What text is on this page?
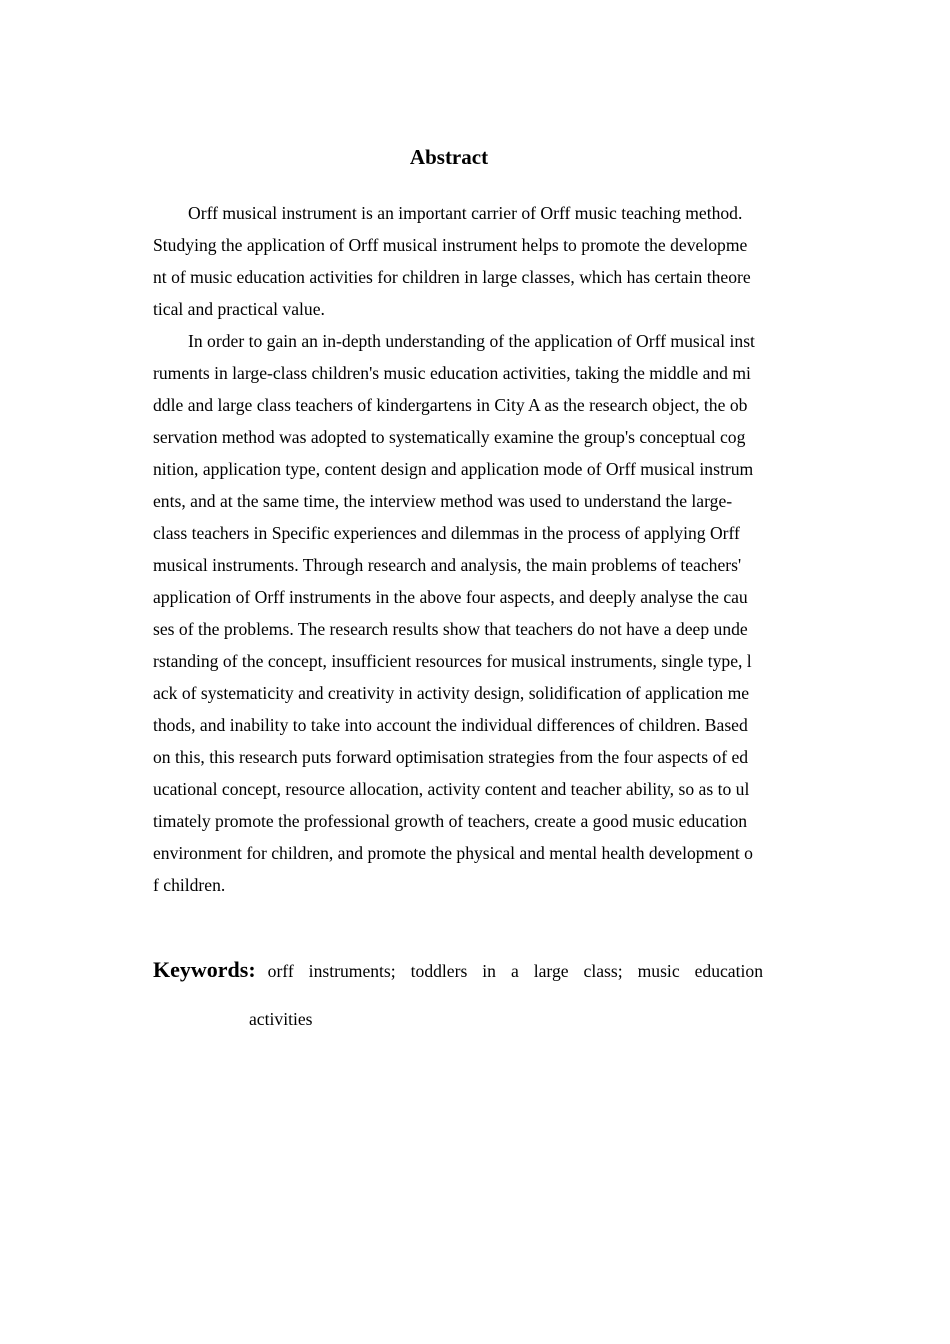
Abstract
Orff musical instrument is an important carrier of Orff music teaching method.
Studying the application of Orff musical instrument helps to promote the developme
nt of music education activities for children in large classes, which has certain theore
tical and practical value.
In order to gain an in-depth understanding of the application of Orff musical inst
ruments in large-class children's music education activities, taking the middle and mi
ddle and large class teachers of kindergartens in City A as the research object, the ob
servation method was adopted to systematically examine the group's conceptual cog
nition, application type, content design and application mode of Orff musical instrum
ents, and at the same time, the interview method was used to understand the large-
class teachers in Specific experiences and dilemmas in the process of applying Orff
musical instruments. Through research and analysis, the main problems of teachers'
application of Orff instruments in the above four aspects, and deeply analyse the cau
ses of the problems. The research results show that teachers do not have a deep unde
rstanding of the concept, insufficient resources for musical instruments, single type, l
ack of systematicity and creativity in activity design, solidification of application me
thods, and inability to take into account the individual differences of children. Based
on this, this research puts forward optimisation strategies from the four aspects of ed
ucational concept, resource allocation, activity content and teacher ability, so as to ul
timately promote the professional growth of teachers, create a good music education
environment for children, and promote the physical and mental health development o
f children.
Keywords: orff instruments; toddlers in a large class; music education
activities
